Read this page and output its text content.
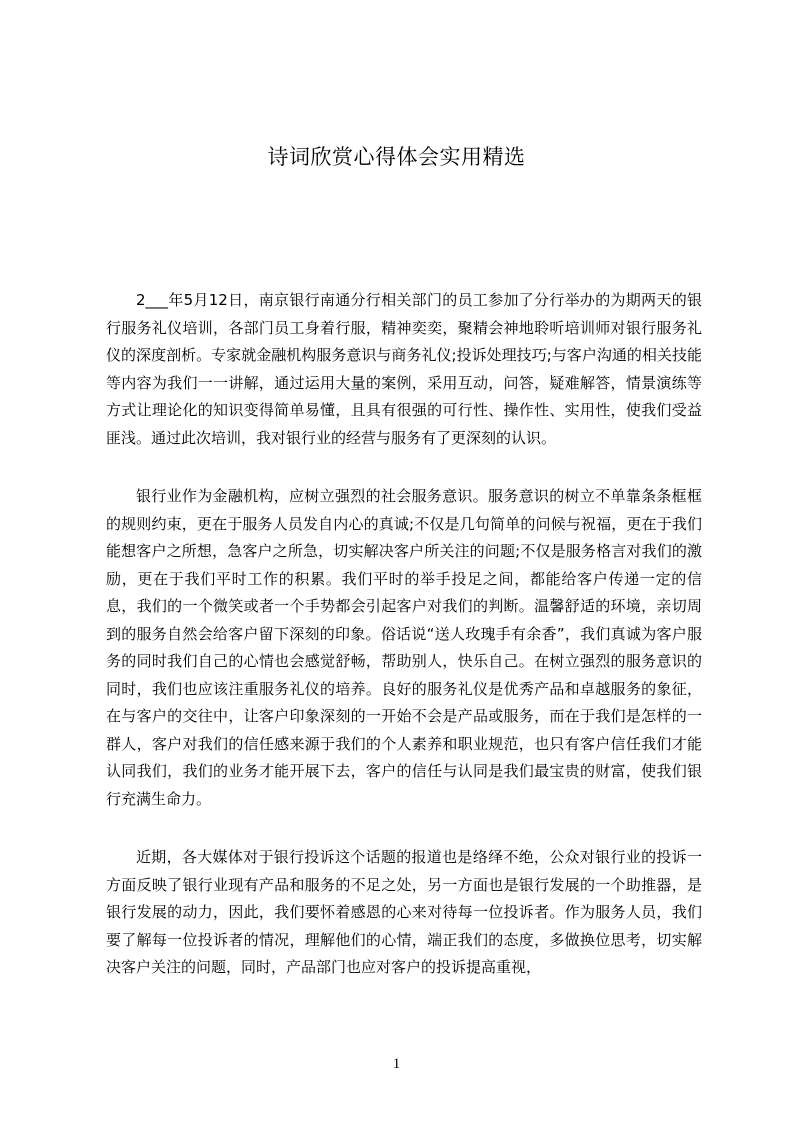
诗词欣赏心得体会实用精选

2___年5月12日，南京银行南通分行相关部门的员工参加了分行举办的为期两天的银行服务礼仪培训，各部门员工身着行服，精神奕奕，聚精会神地聆听培训师对银行服务礼仪的深度剖析。专家就金融机构服务意识与商务礼仪;投诉处理技巧;与客户沟通的相关技能等内容为我们一一讲解，通过运用大量的案例，采用互动，问答，疑难解答，情景演练等方式让理论化的知识变得简单易懂，且具有很强的可行性、操作性、实用性，使我们受益匪浅。通过此次培训，我对银行业的经营与服务有了更深刻的认识。

银行业作为金融机构，应树立强烈的社会服务意识。服务意识的树立不单靠条条框框的规则约束，更在于服务人员发自内心的真诚;不仅是几句简单的问候与祝福，更在于我们能想客户之所想，急客户之所急，切实解决客户所关注的问题;不仅是服务格言对我们的激励，更在于我们平时工作的积累。我们平时的举手投足之间，都能给客户传递一定的信息，我们的一个微笑或者一个手势都会引起客户对我们的判断。温馨舒适的环境，亲切周到的服务自然会给客户留下深刻的印象。俗话说“送人玫瑰手有余香”，我们真诚为客户服务的同时我们自己的心情也会感觉舒畅，帮助别人，快乐自己。在树立强烈的服务意识的同时，我们也应该注重服务礼仪的培养。良好的服务礼仪是优秀产品和卓越服务的象征，在与客户的交往中，让客户印象深刻的一开始不会是产品或服务，而在于我们是怎样的一群人，客户对我们的信任感来源于我们的个人素养和职业规范，也只有客户信任我们才能认同我们，我们的业务才能开展下去，客户的信任与认同是我们最宝贵的财富，使我们银行充满生命力。

近期，各大媒体对于银行投诉这个话题的报道也是络绎不绝，公众对银行业的投诉一方面反映了银行业现有产品和服务的不足之处，另一方面也是银行发展的一个助推器，是银行发展的动力，因此，我们要怀着感恩的心来对待每一位投诉者。作为服务人员，我们要了解每一位投诉者的情况，理解他们的心情，端正我们的态度，多做换位思考，切实解决客户关注的问题，同时，产品部门也应对客户的投诉提高重视，

1
